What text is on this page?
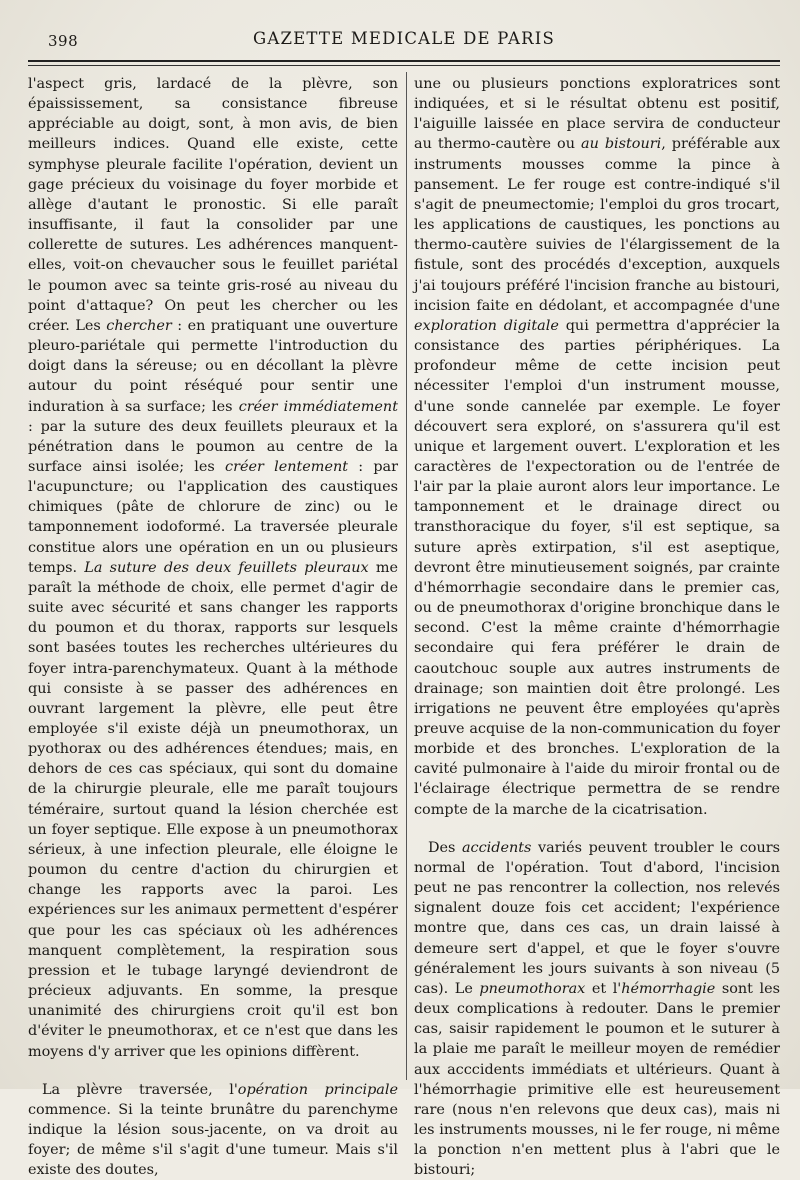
398	GAZETTE MEDICALE DE PARIS

l'aspect gris, lardacé de la plèvre, son épaississement, sa consistance fibreuse appréciable au doigt, sont, à mon avis, de bien meilleurs indices. Quand elle existe, cette symphyse pleurale facilite l'opération, devient un gage précieux du voisinage du foyer morbide et allège d'autant le pronostic. Si elle paraît insuffisante, il faut la consolider par une collerette de sutures. Les adhérences manquent-elles, voit-on chevaucher sous le feuillet pariétal le poumon avec sa teinte gris-rosé au niveau du point d'attaque? On peut les chercher ou les créer. Les chercher : en pratiquant une ouverture pleuro-pariétale qui permette l'introduction du doigt dans la séreuse; ou en décollant la plèvre autour du point réséqué pour sentir une induration à sa surface; les créer immédiatement : par la suture des deux feuillets pleuraux et la pénétration dans le poumon au centre de la surface ainsi isolée; les créer lentement : par l'acupuncture; ou l'application des caustiques chimiques (pâte de chlorure de zinc) ou le tamponnement iodoformé. La traversée pleurale constitue alors une opération en un ou plusieurs temps. La suture des deux feuillets pleuraux me paraît la méthode de choix, elle permet d'agir de suite avec sécurité et sans changer les rapports du poumon et du thorax, rapports sur lesquels sont basées toutes les recherches ultérieures du foyer intra-parenchymateux. Quant à la méthode qui consiste à se passer des adhérences en ouvrant largement la plèvre, elle peut être employée s'il existe déjà un pneumothorax, un pyothorax ou des adhérences étendues; mais, en dehors de ces cas spéciaux, qui sont du domaine de la chirurgie pleurale, elle me paraît toujours téméraire, surtout quand la lésion cherchée est un foyer septique. Elle expose à un pneumothorax sérieux, à une infection pleurale, elle éloigne le poumon du centre d'action du chirurgien et change les rapports avec la paroi. Les expériences sur les animaux permettent d'espérer que pour les cas spéciaux où les adhérences manquent complètement, la respiration sous pression et le tubage laryngé deviendront de précieux adjuvants. En somme, la presque unanimité des chirurgiens croit qu'il est bon d'éviter le pneumothorax, et ce n'est que dans les moyens d'y arriver que les opinions diffèrent.

La plèvre traversée, l'opération principale commence. Si la teinte brunâtre du parenchyme indique la lésion sous-jacente, on va droit au foyer; de même s'il s'agit d'une tumeur. Mais s'il existe des doutes,

une ou plusieurs ponctions exploratrices sont indiquées, et si le résultat obtenu est positif, l'aiguille laissée en place servira de conducteur au thermo-cautère ou au bistouri, préférable aux instruments mousses comme la pince à pansement. Le fer rouge est contre-indiqué s'il s'agit de pneumectomie; l'emploi du gros trocart, les applications de caustiques, les ponctions au thermo-cautère suivies de l'élargissement de la fistule, sont des procédés d'exception, auxquels j'ai toujours préféré l'incision franche au bistouri, incision faite en dédolant, et accompagnée d'une exploration digitale qui permettra d'apprécier la consistance des parties périphériques. La profondeur même de cette incision peut nécessiter l'emploi d'un instrument mousse, d'une sonde cannelée par exemple. Le foyer découvert sera exploré, on s'assurera qu'il est unique et largement ouvert. L'exploration et les caractères de l'expectoration ou de l'entrée de l'air par la plaie auront alors leur importance. Le tamponnement et le drainage direct ou transthoracique du foyer, s'il est septique, sa suture après extirpation, s'il est aseptique, devront être minutieusement soignés, par crainte d'hémorrhagie secondaire dans le premier cas, ou de pneumothorax d'origine bronchique dans le second. C'est la même crainte d'hémorrhagie secondaire qui fera préférer le drain de caoutchouc souple aux autres instruments de drainage; son maintien doit être prolongé. Les irrigations ne peuvent être employées qu'après preuve acquise de la non-communication du foyer morbide et des bronches. L'exploration de la cavité pulmonaire à l'aide du miroir frontal ou de l'éclairage électrique permettra de se rendre compte de la marche de la cicatrisation.

Des accidents variés peuvent troubler le cours normal de l'opération. Tout d'abord, l'incision peut ne pas rencontrer la collection, nos relevés signalent douze fois cet accident; l'expérience montre que, dans ces cas, un drain laissé à demeure sert d'appel, et que le foyer s'ouvre généralement les jours suivants à son niveau (5 cas). Le pneumothorax et l'hémorrhagie sont les deux complications à redouter. Dans le premier cas, saisir rapidement le poumon et le suturer à la plaie me paraît le meilleur moyen de remédier aux acccidents immédiats et ultérieurs. Quant à l'hémorrhagie primitive elle est heureusement rare (nous n'en relevons que deux cas), mais ni les instruments mousses, ni le fer rouge, ni même la ponction n'en mettent plus à l'abri que le bistouri;
